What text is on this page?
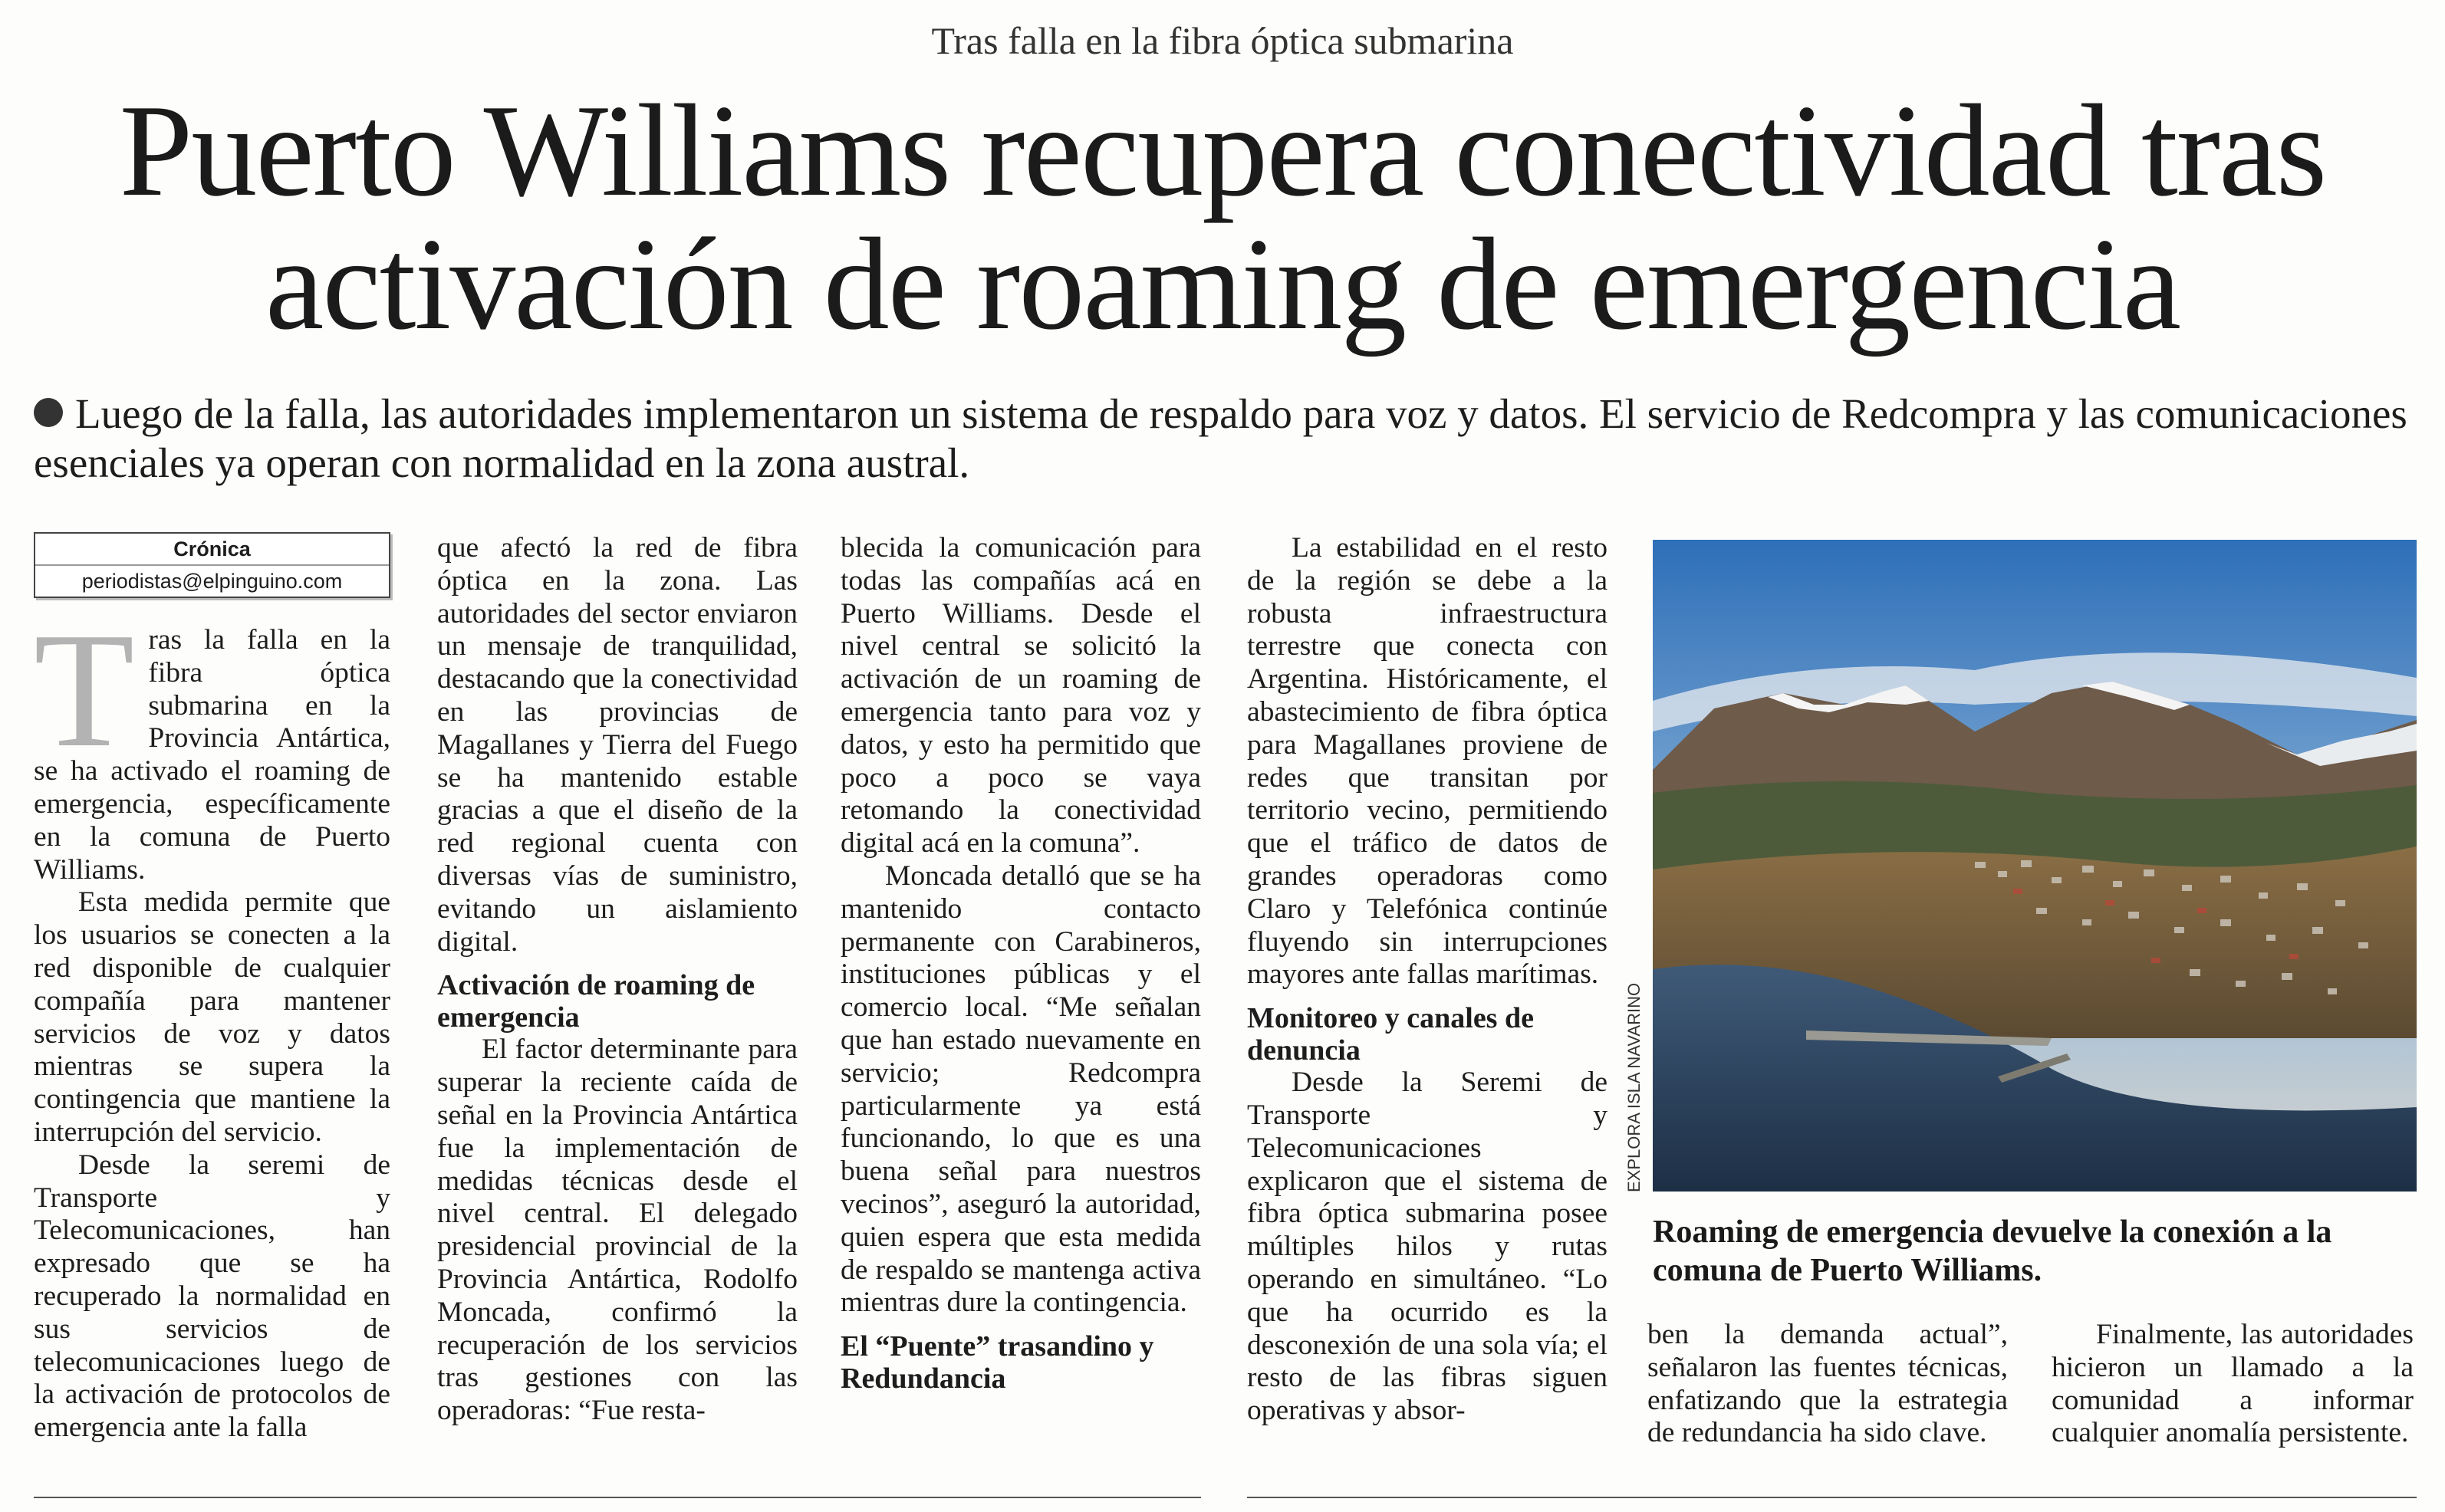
Tras falla en la fibra óptica submarina
Puerto Williams recupera conectividad tras
activación de roaming de emergencia
Luego de la falla, las autoridades implementaron un sistema de respaldo para voz y datos. El servicio de Redcompra y las comunicaciones esenciales ya operan con normalidad en la zona austral.
Crónica
periodistas@elpinguino.com

Tras la falla en la fibra óptica submarina en la Provincia Antártica, se ha activado el roaming de emergencia, específicamente en la comuna de Puerto Williams.

Esta medida permite que los usuarios se conecten a la red disponible de cualquier compañía para mantener servicios de voz y datos mientras se supera la contingencia que mantiene la interrupción del servicio.

Desde la seremi de Transporte y Telecomunicaciones, han expresado que se ha recuperado la normalidad en sus servicios de telecomunicaciones luego de la activación de protocolos de emergencia ante la falla

que afectó la red de fibra óptica en la zona. Las autoridades del sector enviaron un mensaje de tranquilidad, destacando que la conectividad en las provincias de Magallanes y Tierra del Fuego se ha mantenido estable gracias a que el diseño de la red regional cuenta con diversas vías de suministro, evitando un aislamiento digital.

Activación de roaming de emergencia

El factor determinante para superar la reciente caída de señal en la Provincia Antártica fue la implementación de medidas técnicas desde el nivel central. El delegado presidencial provincial de la Provincia Antártica, Rodolfo Moncada, confirmó la recuperación de los servicios tras gestiones con las operadoras: “Fue resta-

blecida la comunicación para todas las compañías acá en Puerto Williams. Desde el nivel central se solicitó la activación de un roaming de emergencia tanto para voz y datos, y esto ha permitido que poco a poco se vaya retomando la conectividad digital acá en la comuna”.

Moncada detalló que se ha mantenido contacto permanente con Carabineros, instituciones públicas y el comercio local. “Me señalan que han estado nuevamente en servicio; Redcompra particularmente ya está funcionando, lo que es una buena señal para nuestros vecinos”, aseguró la autoridad, quien espera que esta medida de respaldo se mantenga activa mientras dure la contingencia.

El “Puente” trasandino y Redundancia

La estabilidad en el resto de la región se debe a la robusta infraestructura terrestre que conecta con Argentina. Históricamente, el abastecimiento de fibra óptica para Magallanes proviene de redes que transitan por territorio vecino, permitiendo que el tráfico de datos de grandes operadoras como Claro y Telefónica continúe fluyendo sin interrupciones mayores ante fallas marítimas.

Monitoreo y canales de denuncia

Desde la Seremi de Transporte y Telecomunicaciones explicaron que el sistema de fibra óptica submarina posee múltiples hilos y rutas operando en simultáneo. “Lo que ha ocurrido es la desconexión de una sola vía; el resto de las fibras siguen operativas y absor-

EXPLORA ISLA NAVARINO
Roaming de emergencia devuelve la conexión a la comuna de Puerto Williams.

ben la demanda actual”, señalaron las fuentes técnicas, enfatizando que la estrategia de redundancia ha sido clave.

Finalmente, las autoridades hicieron un llamado a la comunidad a informar cualquier anomalía persistente.
